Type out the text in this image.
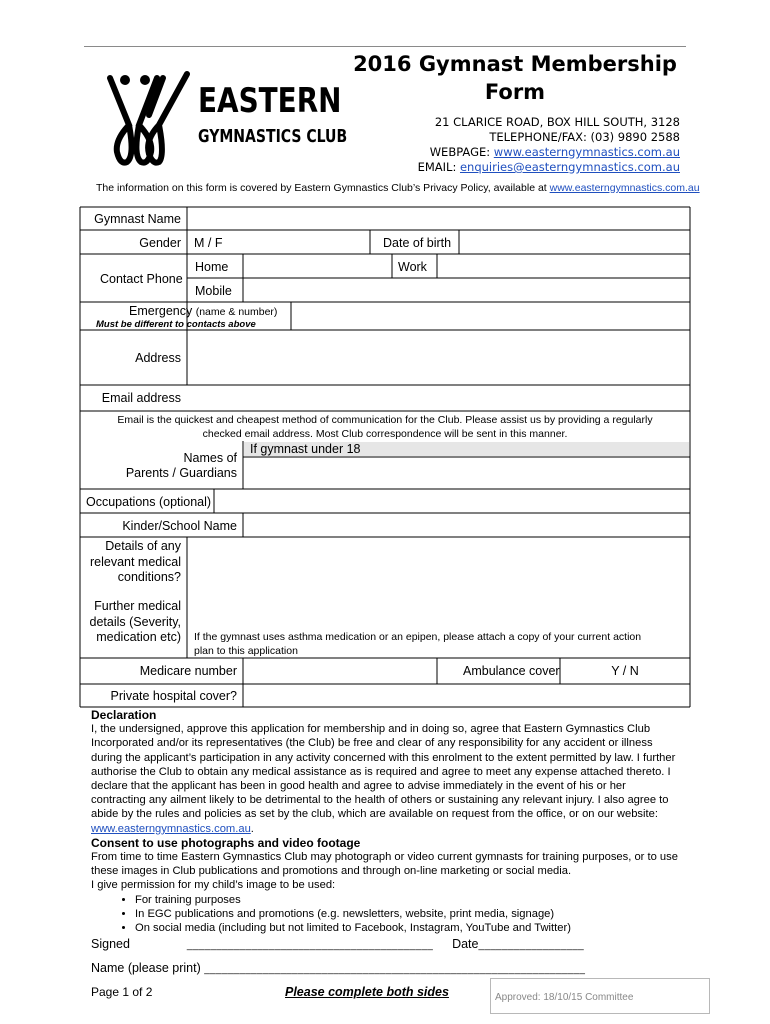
EASTERN
GYMNASTICS CLUB
2016 Gymnast Membership
Form
21 CLARICE ROAD, BOX HILL SOUTH, 3128
TELEPHONE/FAX: (03) 9890 2588
WEBPAGE: www.easterngymnastics.com.au
EMAIL: enquiries@easterngymnastics.com.au
The information on this form is covered by Eastern Gymnastics Club’s Privacy Policy, available at www.easterngymnastics.com.au
Gymnast Name
Gender M / F	Date of birth
Contact Phone
Home	Work
Mobile
Emergency (name & number)
Must be different to contacts above
Address
Email address
Email is the quickest and cheapest method of communication for the Club. Please assist us by providing a regularly
checked email address. Most Club correspondence will be sent in this manner.
If gymnast under 18
Names of
Parents / Guardians
Occupations (optional)
Kinder/School Name
Details of any
relevant medical
conditions?
Further medical
details (Severity,
medication etc) If the gymnast uses asthma medication or an epipen, please attach a copy of your current action
plan to this application
Medicare number	Ambulance cover	Y / N
Private hospital cover?
Declaration

I, the undersigned, approve this application for membership and in doing so, agree that Eastern Gymnastics Club Incorporated and/or its representatives (the Club) be free and clear of any responsibility for any accident or illness during the applicant’s participation in any activity concerned with this enrolment to the extent permitted by law. I further authorise the Club to obtain any medical assistance as is required and agree to meet any expense attached thereto. I declare that the applicant has been in good health and agree to advise immediately in the event of his or her contracting any ailment likely to be detrimental to the health of others or sustaining any relevant injury. I also agree to abide by the rules and policies as set by the club, which are available on request from the office, or on our website: www.easterngymnastics.com.au.

Consent to use photographs and video footage

From time to time Eastern Gymnastics Club may photograph or video current gymnasts for training purposes, or to use these images in Club publications and promotions and through on-line marketing or social media.

I give permission for my child’s image to be used:

• For training purposes
• In EGC publications and promotions (e.g. newsletters, website, print media, signage)
• On social media (including but not limited to Facebook, Instagram, YouTube and Twitter)
Signed	__________________________________________ Date__________________
Name (please print) _________________________________________________________________
Page 1 of 2	Please complete both sides	Approved: 18/10/15 Committee
